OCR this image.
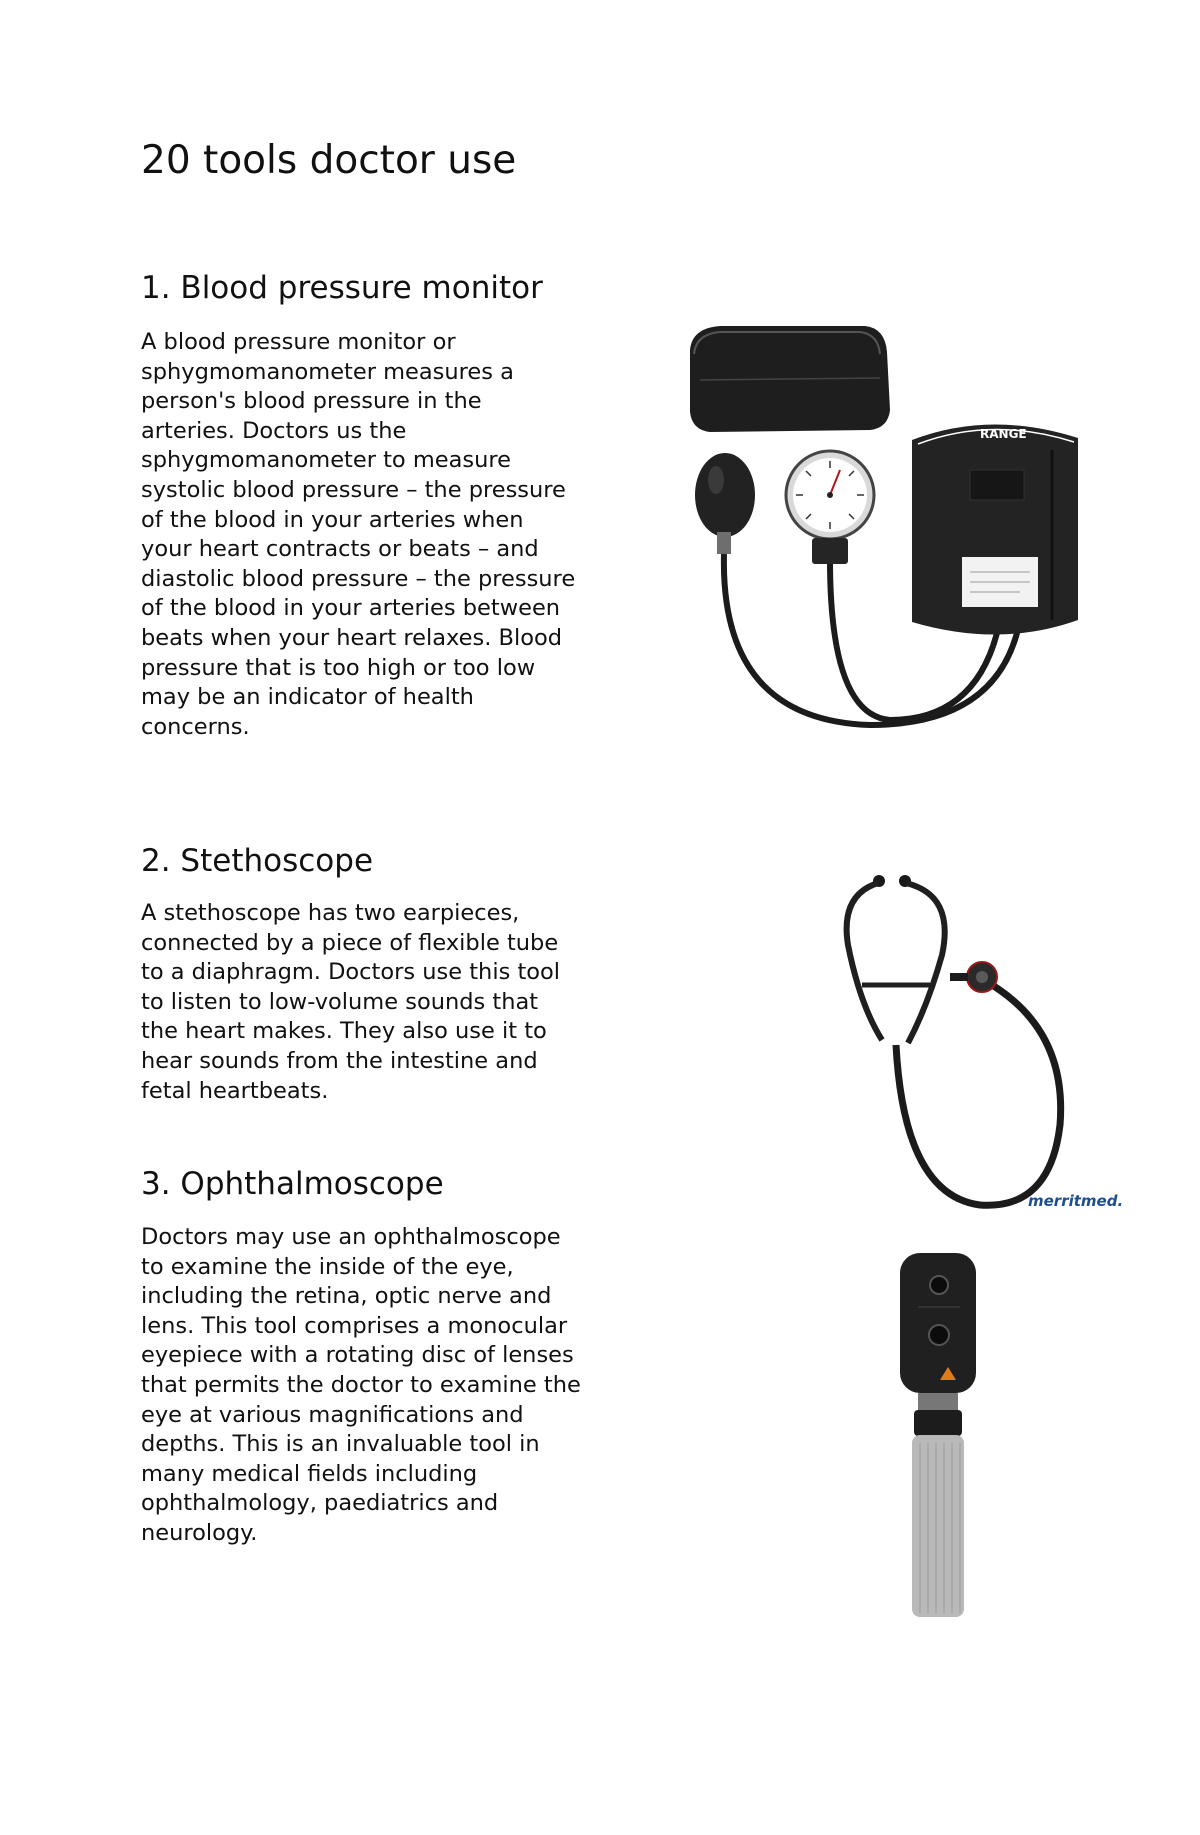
20 tools doctor use
1. Blood pressure monitor

A blood pressure monitor or sphygmomanometer measures a person's blood pressure in the arteries. Doctors us the sphygmomanometer to measure systolic blood pressure – the pressure of the blood in your arteries when your heart contracts or beats – and diastolic blood pressure – the pressure of the blood in your arteries between beats when your heart relaxes. Blood pressure that is too high or too low may be an indicator of health concerns.

RANGE
2. Stethoscope

A stethoscope has two earpieces, connected by a piece of flexible tube to a diaphragm. Doctors use this tool to listen to low-volume sounds that the heart makes. They also use it to hear sounds from the intestine and fetal heartbeats.

merritmed.
3. Ophthalmoscope

Doctors may use an ophthalmoscope to examine the inside of the eye, including the retina, optic nerve and lens. This tool comprises a monocular eyepiece with a rotating disc of lenses that permits the doctor to examine the eye at various magnifications and depths. This is an invaluable tool in many medical fields including ophthalmology, paediatrics and neurology.
